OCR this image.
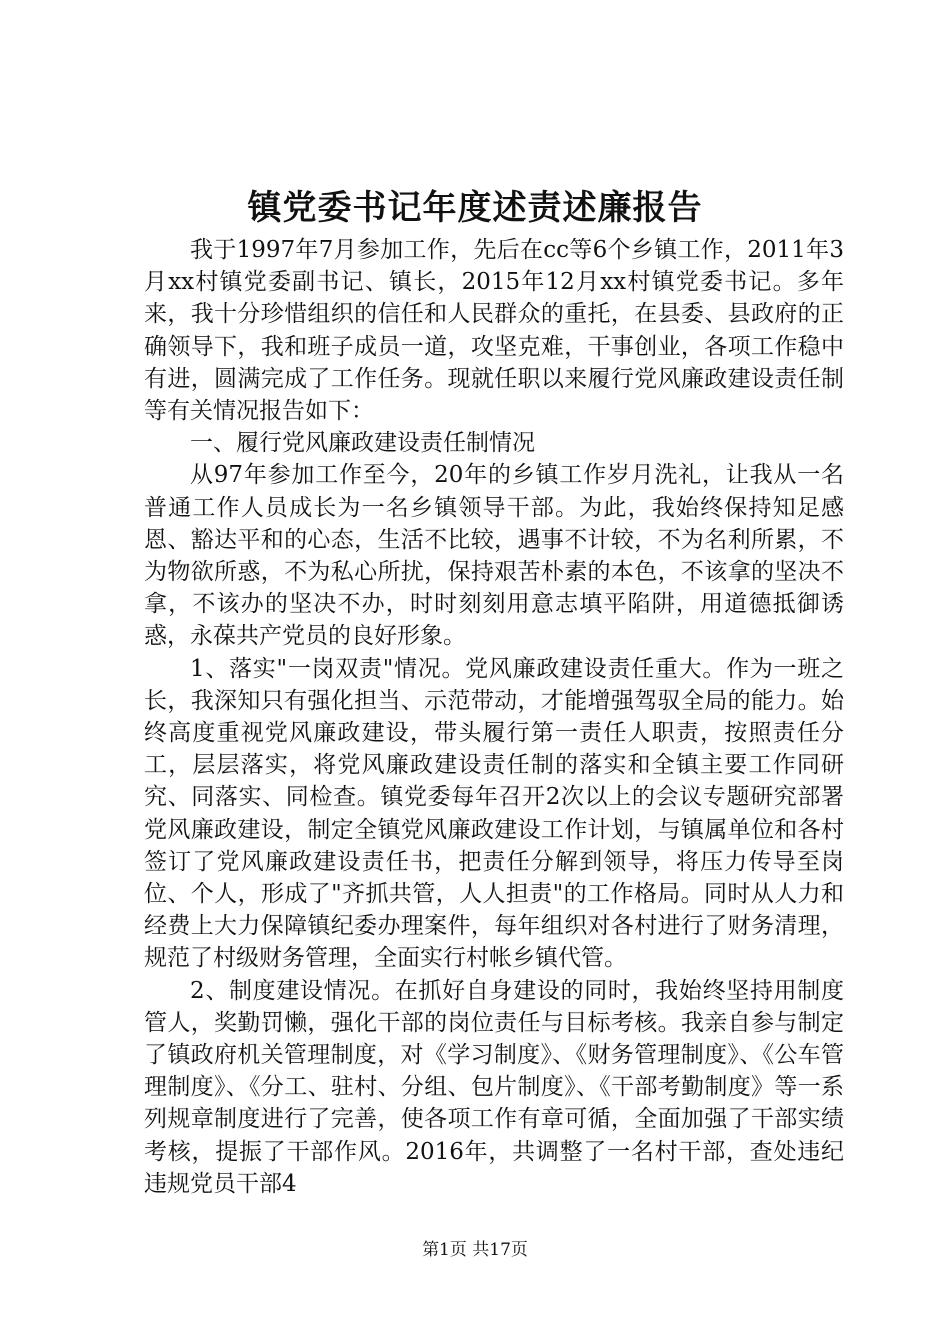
镇党委书记年度述责述廉报告

我于1997年7月参加工作，先后在cc等6个乡镇工作，2011年3月xx村镇党委副书记、镇长，2015年12月xx村镇党委书记。多年来，我十分珍惜组织的信任和人民群众的重托，在县委、县政府的正确领导下，我和班子成员一道，攻坚克难，干事创业，各项工作稳中有进，圆满完成了工作任务。现就任职以来履行党风廉政建设责任制等有关情况报告如下：

一、履行党风廉政建设责任制情况

从97年参加工作至今，20年的乡镇工作岁月洗礼，让我从一名普通工作人员成长为一名乡镇领导干部。为此，我始终保持知足感恩、豁达平和的心态，生活不比较，遇事不计较，不为名利所累，不为物欲所惑，不为私心所扰，保持艰苦朴素的本色，不该拿的坚决不拿，不该办的坚决不办，时时刻刻用意志填平陷阱，用道德抵御诱惑，永葆共产党员的良好形象。

1、落实"一岗双责"情况。党风廉政建设责任重大。作为一班之长，我深知只有强化担当、示范带动，才能增强驾驭全局的能力。始终高度重视党风廉政建设，带头履行第一责任人职责，按照责任分工，层层落实，将党风廉政建设责任制的落实和全镇主要工作同研究、同落实、同检查。镇党委每年召开2次以上的会议专题研究部署党风廉政建设，制定全镇党风廉政建设工作计划，与镇属单位和各村签订了党风廉政建设责任书，把责任分解到领导，将压力传导至岗位、个人，形成了"齐抓共管，人人担责"的工作格局。同时从人力和经费上大力保障镇纪委办理案件，每年组织对各村进行了财务清理，规范了村级财务管理，全面实行村帐乡镇代管。

2、制度建设情况。在抓好自身建设的同时，我始终坚持用制度管人，奖勤罚懒，强化干部的岗位责任与目标考核。我亲自参与制定了镇政府机关管理制度，对《学习制度》、《财务管理制度》、《公车管理制度》、《分工、驻村、分组、包片制度》、《干部考勤制度》等一系列规章制度进行了完善，使各项工作有章可循，全面加强了干部实绩考核，提振了干部作风。2016年，共调整了一名村干部，查处违纪违规党员干部4

第1页 共17页
